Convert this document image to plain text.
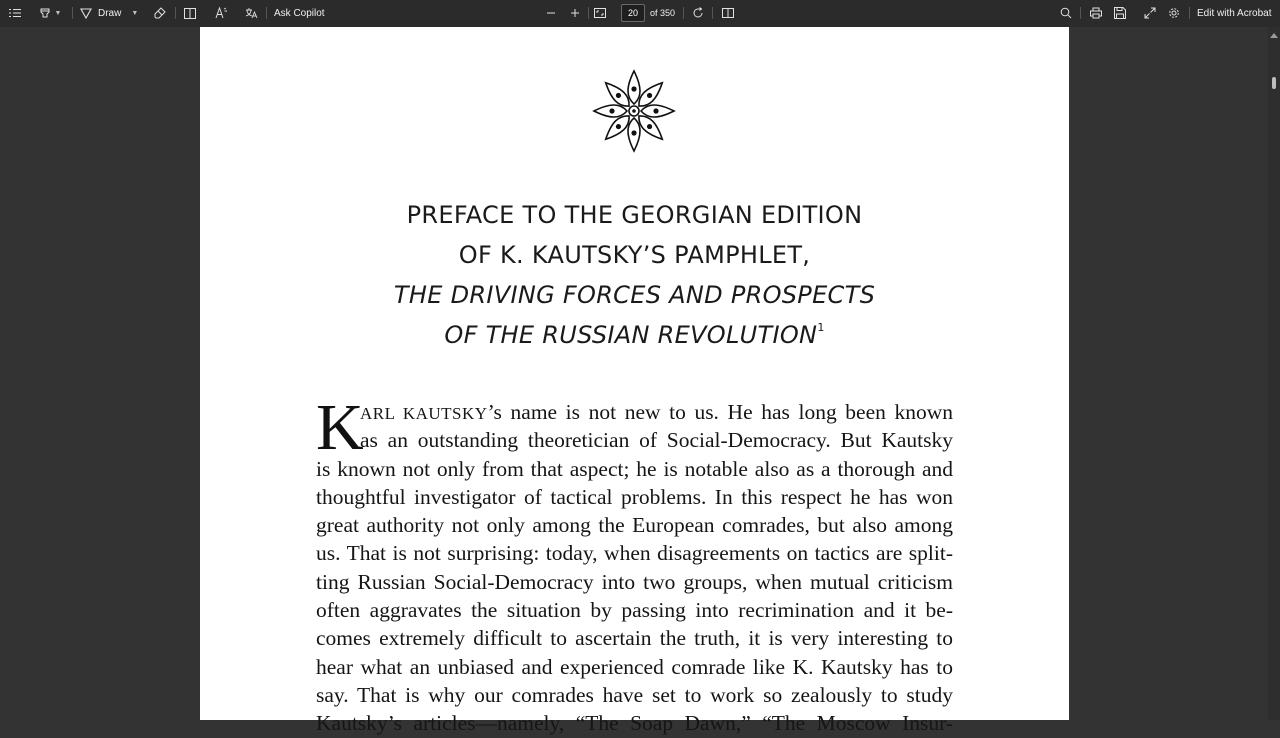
▼	Draw ▼	Ask Copilot
20	of 350	Edit with Acrobat
PREFACE TO THE GEORGIAN EDITION
OF K. KAUTSKY’S PAMPHLET,
THE DRIVING FORCES AND PROSPECTS
OF THE RUSSIAN REVOLUTION$^1$
K
ARL KAUTSKY’s name is not new to us. He has long been known
as an outstanding theoretician of Social-Democracy. But Kautsky
is known not only from that aspect; he is notable also as a thorough and
thoughtful investigator of tactical problems. In this respect he has won
great authority not only among the European comrades, but also among
us. That is not surprising: today, when disagreements on tactics are split-
ting Russian Social-Democracy into two groups, when mutual criticism
often aggravates the situation by passing into recrimination and it be-
comes extremely difficult to ascertain the truth, it is very interesting to
hear what an unbiased and experienced comrade like K. Kautsky has to
say. That is why our comrades have set to work so zealously to study
Kautsky’s articles—namely, “The Soap Dawn,” “The Moscow Insur-
